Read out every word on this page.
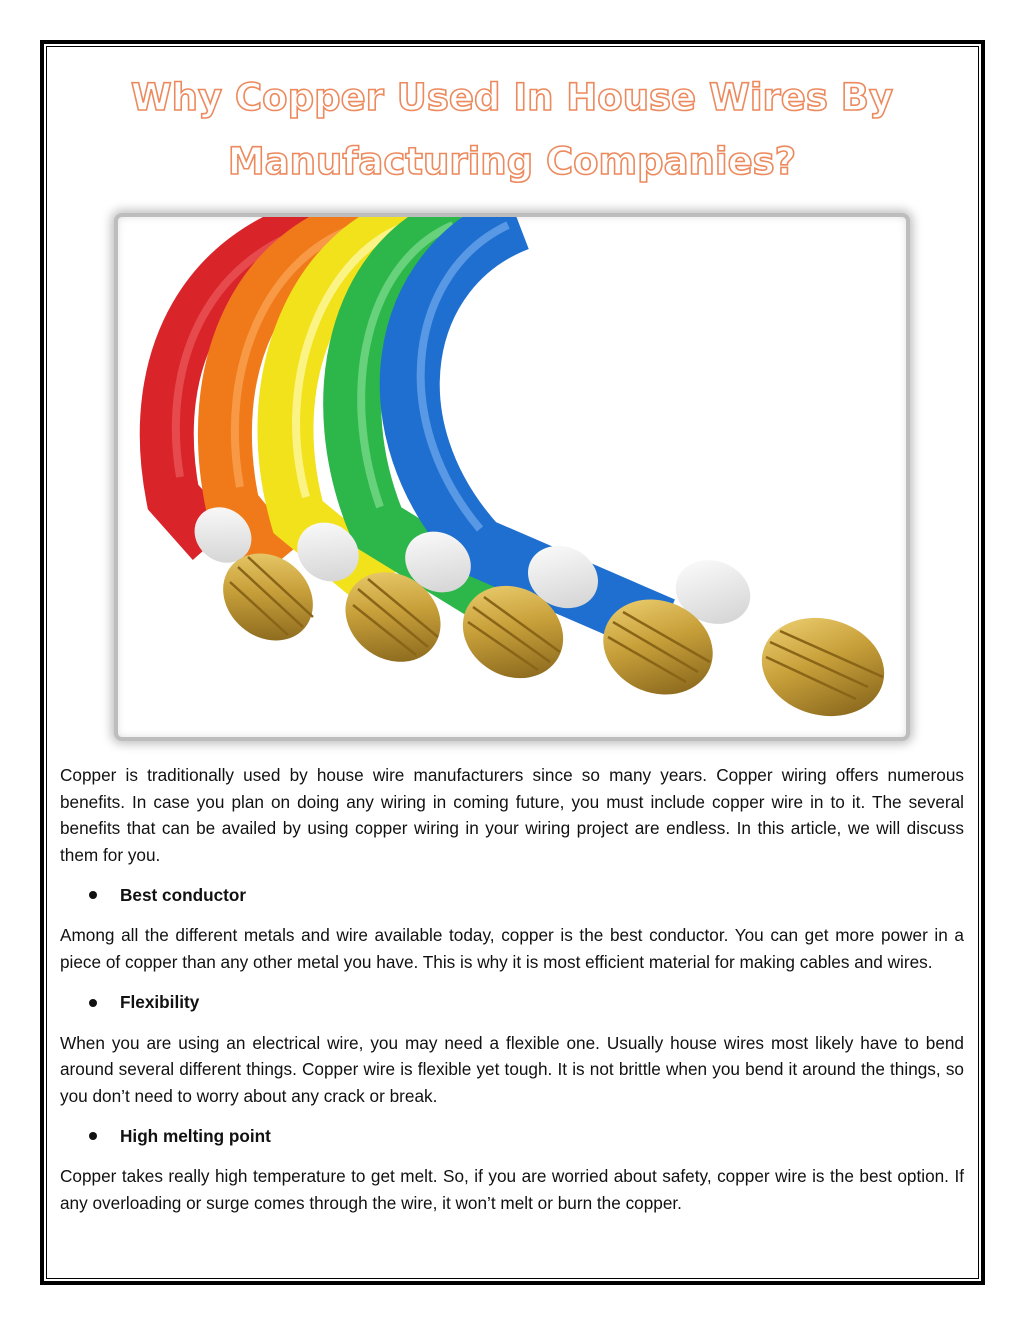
Why Copper Used In House Wires By
Manufacturing Companies?

Copper is traditionally used by house wire manufacturers since so many years. Copper wiring offers numerous benefits. In case you plan on doing any wiring in coming future, you must include copper wire in to it. The several benefits that can be availed by using copper wiring in your wiring project are endless. In this article, we will discuss them for you.

Best conductor

Among all the different metals and wire available today, copper is the best conductor. You can get more power in a piece of copper than any other metal you have. This is why it is most efficient material for making cables and wires.

Flexibility

When you are using an electrical wire, you may need a flexible one. Usually house wires most likely have to bend around several different things. Copper wire is flexible yet tough. It is not brittle when you bend it around the things, so you don’t need to worry about any crack or break.

High melting point

Copper takes really high temperature to get melt. So, if you are worried about safety, copper wire is the best option. If any overloading or surge comes through the wire, it won’t melt or burn the copper.
